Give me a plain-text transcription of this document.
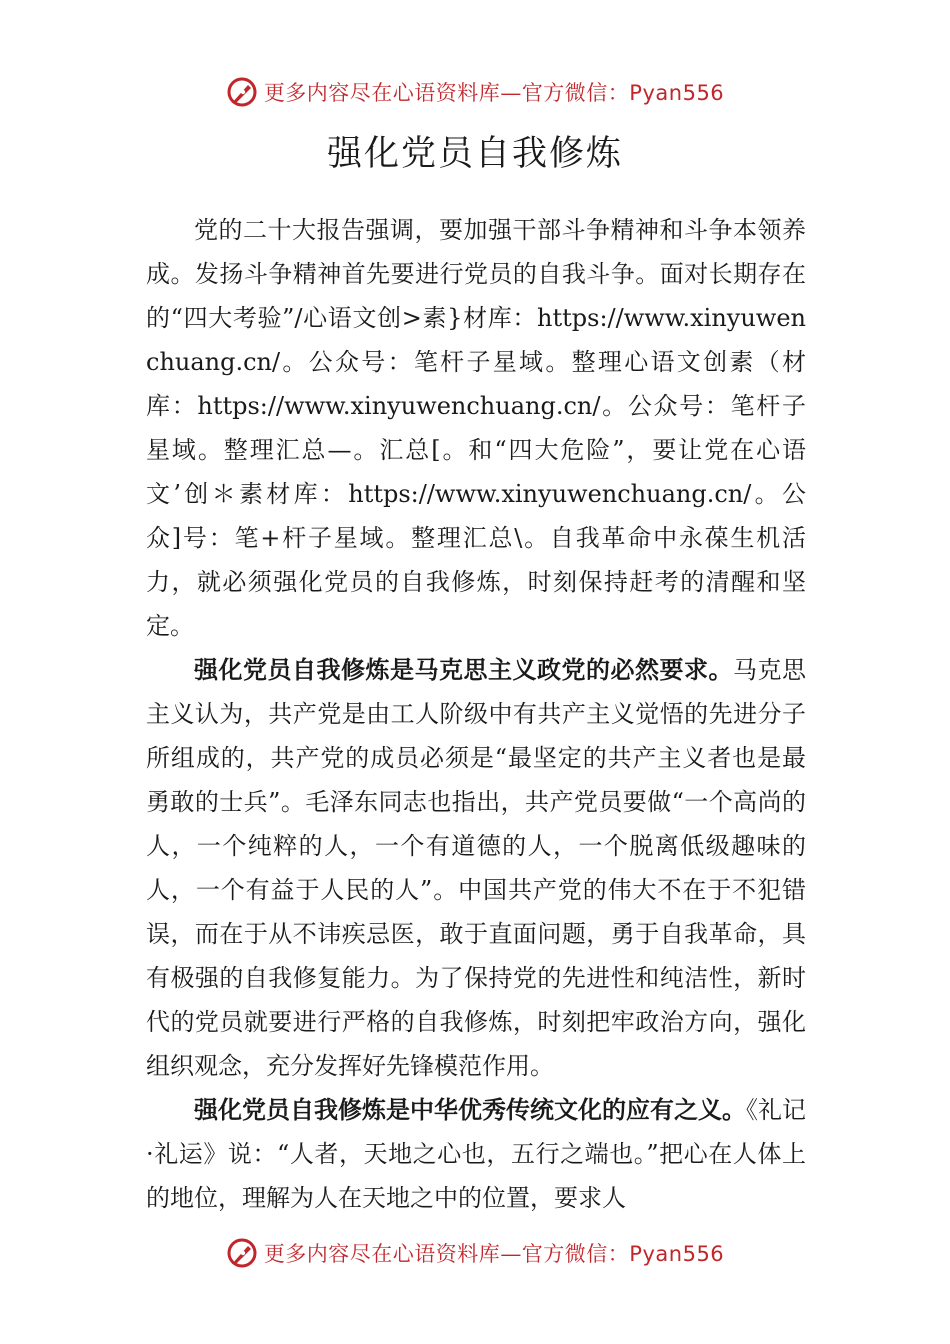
更多内容尽在心语资料库—官方微信：Pyan556
强化党员自我修炼

党的二十大报告强调，要加强干部斗争精神和斗争本领养成。发扬斗争精神首先要进行党员的自我斗争。面对长期存在的“四大考验”/心语文创>素}材库：https://www.xinyuwenchuang.cn/。公众号：笔杆子星域。整理心语文创素（材库：https://www.xinyuwenchuang.cn/。公众号：笔杆子星域。整理汇总—。汇总[。和“四大危险”，要让党在心语文’创＊素材库：https://www.xinyuwenchuang.cn/。公众]号：笔+杆子星域。整理汇总\。自我革命中永葆生机活力，就必须强化党员的自我修炼，时刻保持赶考的清醒和坚定。

强化党员自我修炼是马克思主义政党的必然要求。马克思主义认为，共产党是由工人阶级中有共产主义觉悟的先进分子所组成的，共产党的成员必须是“最坚定的共产主义者也是最勇敢的士兵”。毛泽东同志也指出，共产党员要做“一个高尚的人，一个纯粹的人，一个有道德的人，一个脱离低级趣味的人，一个有益于人民的人”。中国共产党的伟大不在于不犯错误，而在于从不讳疾忌医，敢于直面问题，勇于自我革命，具有极强的自我修复能力。为了保持党的先进性和纯洁性，新时代的党员就要进行严格的自我修炼，时刻把牢政治方向，强化组织观念，充分发挥好先锋模范作用。

强化党员自我修炼是中华优秀传统文化的应有之义。《礼记·礼运》说：“人者，天地之心也，五行之端也。”把心在人体上的地位，理解为人在天地之中的位置，要求人

更多内容尽在心语资料库—官方微信：Pyan556
